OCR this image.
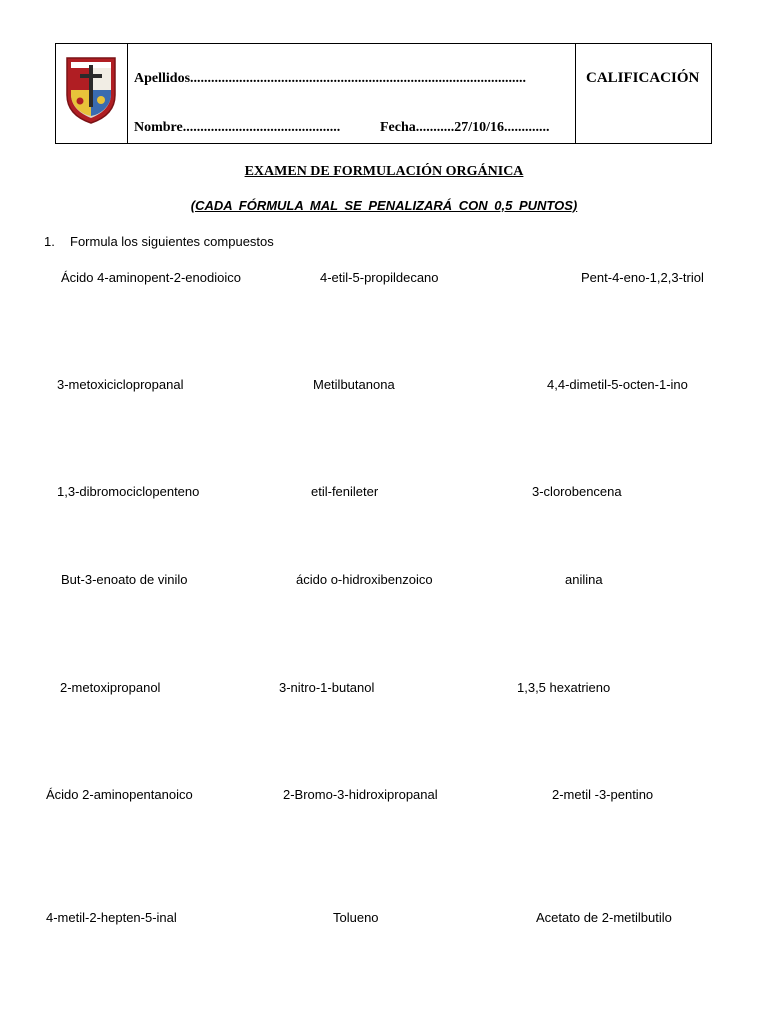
Apellidos................................................................................................
Nombre.............................................	Fecha...........27/10/16.............
CALIFICACIÓN
EXAMEN DE FORMULACIÓN ORGÁNICA
(CADA FÓRMULA MAL SE PENALIZARÁ CON 0,5 PUNTOS)
1. Formula los siguientes compuestos
Ácido 4-aminopent-2-enodioico	4-etil-5-propildecano	Pent-4-eno-1,2,3-triol
3-metoxiciclopropanal	Metilbutanona	4,4-dimetil-5-octen-1-ino
1,3-dibromociclopenteno	etil-fenileter	3-clorobencena
But-3-enoato de vinilo	ácido o-hidroxibenzoico	anilina
2-metoxipropanol	3-nitro-1-butanol	1,3,5 hexatrieno
Ácido 2-aminopentanoico	2-Bromo-3-hidroxipropanal	2-metil -3-pentino
4-metil-2-hepten-5-inal	Tolueno	Acetato de 2-metilbutilo
